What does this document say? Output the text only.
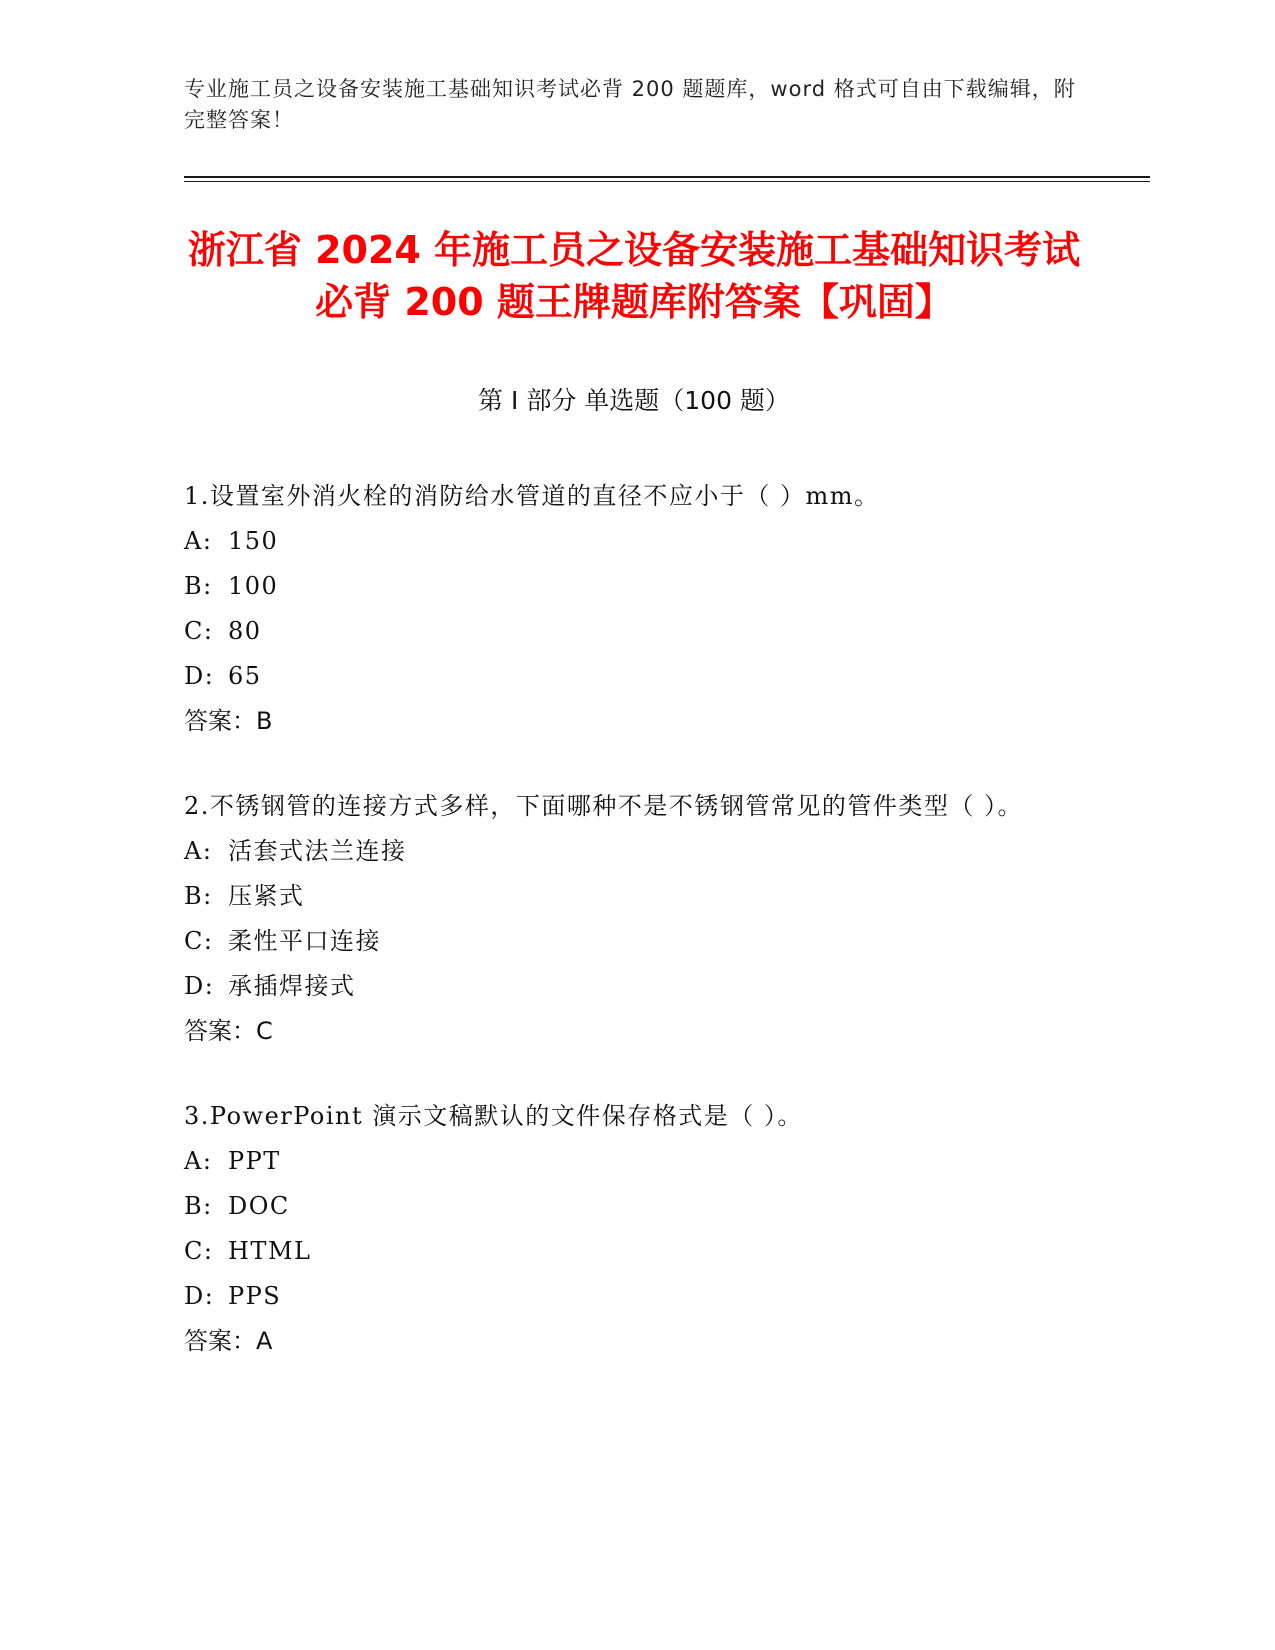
专业施工员之设备安装施工基础知识考试必背 200 题题库，word 格式可自由下载编辑，附完整答案！
浙江省 2024 年施工员之设备安装施工基础知识考试必背 200 题王牌题库附答案【巩固】
第 I 部分 单选题（100 题）
1.设置室外消火栓的消防给水管道的直径不应小于（ ）mm。
A: 150
B: 100
C: 80
D: 65
答案：B
2.不锈钢管的连接方式多样，下面哪种不是不锈钢管常见的管件类型（ ）。
A: 活套式法兰连接
B: 压紧式
C: 柔性平口连接
D: 承插焊接式
答案：C
3.PowerPoint 演示文稿默认的文件保存格式是（ ）。
A: PPT
B: DOC
C: HTML
D: PPS
答案：A
